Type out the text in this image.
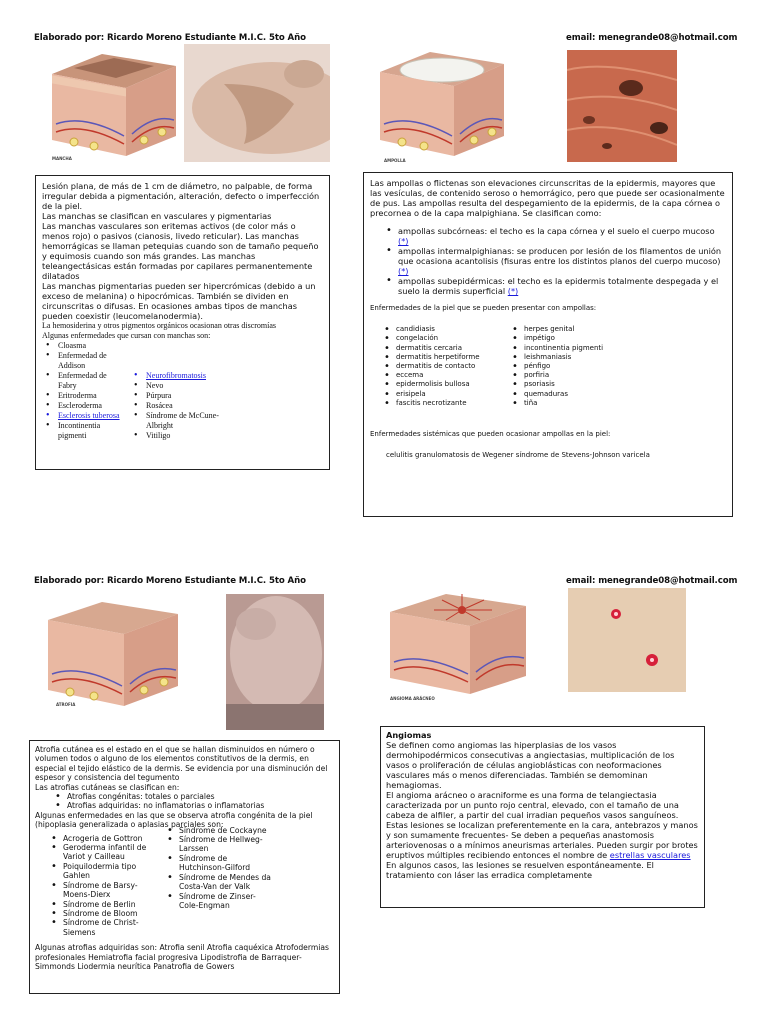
Elaborado por: Ricardo Moreno Estudiante M.I.C. 5to Año	email: menegrande08@hotmail.com
Elaborado por: Ricardo Moreno Estudiante M.I.C. 5to Año	email: menegrande08@hotmail.com
MANCHA	AMPOLLA
ATROFIA
ANGIOMA ARÁCNEO

Lesión plana, de más de 1 cm de diámetro, no palpable, de forma irregular debida a pigmentación, alteración, defecto o imperfección de la piel.

Las manchas se clasifican en vasculares y pigmentarias

Las manchas vasculares son eritemas activos (de color más o menos rojo) o pasivos (cianosis, livedo reticular). Las manchas hemorrágicas se llaman petequias cuando son de tamaño pequeño y equimosis cuando son más grandes. Las manchas teleangectásicas están formadas por capilares permanentemente dilatados

Las manchas pigmentarias pueden ser hipercrómicas (debido a un exceso de melanina) o hipocrómicas. También se dividen en circunscritas o difusas. En ocasiones ambas tipos de manchas pueden coexistir (leucomelanodermia).

La hemosiderina y otros pigmentos orgánicos ocasionan otras discromías

Algunas enfermedades que cursan con manchas son:

• Cloasma
• Enfermedad de Addison
• Enfermedad de Fabry
• Eritroderma
• Escleroderma
• Esclerosis tuberosa
• Incontinentia pigmenti
• Neurofibromatosis
• Nevo
• Púrpura
• Rosácea
• Síndrome de McCune-Albright
• Vitiligo

Las ampollas o flictenas son elevaciones circunscritas de la epidermis, mayores que las vesículas, de contenido seroso o hemorrágico, pero que puede ser ocasionalmente de pus. Las ampollas resulta del despegamiento de la epidermis, de la capa córnea o precornea o de la capa malpighiana. Se clasifican como:

• ampollas subcórneas: el techo es la capa córnea y el suelo el cuerpo mucoso (*)
• ampollas intermalpighianas: se producen por lesión de los filamentos de unión que ocasiona acantolisis (fisuras entre los distintos planos del cuerpo mucoso) (*)
• ampollas subepidérmicas: el techo es la epidermis totalmente despegada y el suelo la dermis superficial (*)

Enfermedades de la piel que se pueden presentar con ampollas:

• candidiasis
• congelación
• dermatitis cercaria
• dermatitis herpetiforme
• dermatitis de contacto
• eccema
• epidermolisis bullosa
• erisipela
• fascitis necrotizante
• herpes genital
• impétigo
• incontinentia pigmenti
• leishmaniasis
• pénfigo
• porfiria
• psoriasis
• quemaduras
• tiña

Enfermedades sistémicas que pueden ocasionar ampollas en la piel:

celulitis granulomatosis de Wegener síndrome de Stevens-Johnson varicela

Atrofia cutánea es el estado en el que se hallan disminuidos en número o volumen todos o alguno de los elementos constitutivos de la dermis, en especial el tejido elástico de la dermis. Se evidencia por una disminución del espesor y consistencia del tegumento

Las atrofias cutáneas se clasifican en:

• Atrofias congénitas: totales o parciales
• Atrofias adquiridas: no inflamatorias o inflamatorias

Algunas enfermedades en las que se observa atrofia congénita de la piel (hipoplasia generalizada o aplasias parciales son:

• Acrogeria de Gottron
• Geroderma infantil de Variot y Cailleau
• Poiquilodermia tipo Gahlen
• Síndrome de Barsy-Moens-Dierx
• Síndrome de Berlin
• Síndrome de Bloom
• Síndrome de Christ-Siemens
• Síndrome de Cockayne
• Síndrome de Hellweg-Larssen
• Síndrome de Hutchinson-Gilford
• Síndrome de Mendes da Costa-Van der Valk
• Síndrome de Zinser-Cole-Engman

Algunas atrofias adquiridas son: Atrofia senil Atrofia caquéxica Atrofodermias profesionales Hemiatrofia facial progresiva Lipodistrofia de Barraquer-Simmonds Liodermia neurítica Panatrofia de Gowers

Angiomas

Se definen como angiomas las hiperplasias de los vasos dermohipodérmicos consecutivas a angiectasias, multiplicación de los vasos o proliferación de células angioblásticas con neoformaciones vasculares más o menos diferenciadas. También se demominan hemagiomas.

El angioma arácneo o aracniforme es una forma de telangiectasia caracterizada por un punto rojo central, elevado, con el tamaño de una cabeza de alfiler, a partir del cual irradian pequeños vasos sanguíneos. Estas lesiones se localizan preferentemente en la cara, antebrazos y manos y son sumamente frecuentes- Se deben a pequeñas anastomosis arteriovenosas o a mínimos aneurismas arteriales. Pueden surgir por brotes eruptivos múltiples recibiendo entonces el nombre de estrellas vasculares

En algunos casos, las lesiones se resuelven espontáneamente. El tratamiento con láser las erradica completamente
